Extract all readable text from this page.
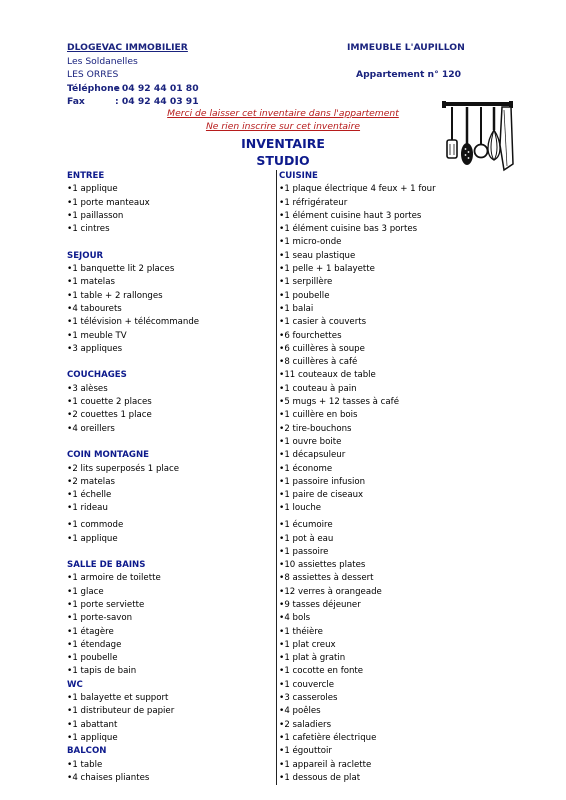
DLOGEVAC IMMOBILIER
Les Soldanelles
LES ORRES
Téléphone: 04 92 44 01 80
Fax	: 04 92 44 03 91
IMMEUBLE L'AUPILLON
Appartement n° 120
Merci de laisser cet inventaire dans l'appartement
Ne rien inscrire sur cet inventaire
INVENTAIRE
STUDIO
ENTREE
• 1 applique
• 1 porte manteaux
• 1 paillasson
• 1 cintres
SEJOUR
• 1 banquette lit 2 places
• 1 matelas
• 1 table + 2 rallonges
• 4 tabourets
• 1 télévision + télécommande
• 1 meuble TV
• 3 appliques
COUCHAGES
• 3 alèses
• 1 couette 2 places
• 2 couettes 1 place
• 4 oreillers
COIN MONTAGNE
• 2 lits superposés 1 place
• 2 matelas
• 1 échelle
• 1 rideau
• 1 commode
• 1 applique
SALLE DE BAINS
• 1 armoire de toilette
• 1 glace
• 1 porte serviette
• 1 porte-savon
• 1 étagère
• 1 étendage
• 1 poubelle
• 1 tapis de bain
WC
• 1 balayette et support
• 1 distributeur de papier
• 1 abattant
• 1 applique
BALCON
• 1 table
• 4 chaises pliantes
CUISINE
• 1 plaque électrique 4 feux + 1 four
• 1 réfrigérateur
• 1 élément cuisine haut 3 portes
• 1 élément cuisine bas 3 portes
• 1 micro-onde
• 1 seau plastique
• 1 pelle + 1 balayette
• 1 serpillère
• 1 poubelle
• 1 balai
• 1 casier à couverts
• 6 fourchettes
• 6 cuillères à soupe
• 8 cuillères à café
• 11 couteaux de table
• 1 couteau à pain
• 5 mugs + 12 tasses à café
• 1 cuillère en bois
• 2 tire-bouchons
• 1 ouvre boite
• 1 décapsuleur
• 1 économe
• 1 passoire infusion
• 1 paire de ciseaux
• 1 louche
• 1 écumoire
• 1 pot à eau
• 1 passoire
• 10 assiettes plates
• 8 assiettes à dessert
• 12 verres à orangeade
• 9 tasses déjeuner
• 4 bols
• 1 théière
• 1 plat creux
• 1 plat à gratin
• 1 cocotte en fonte
• 1 couvercle
• 3 casseroles
• 4 poêles
• 2 saladiers
• 1 cafetière électrique
• 1 égouttoir
• 1 appareil à raclette
• 1 dessous de plat
